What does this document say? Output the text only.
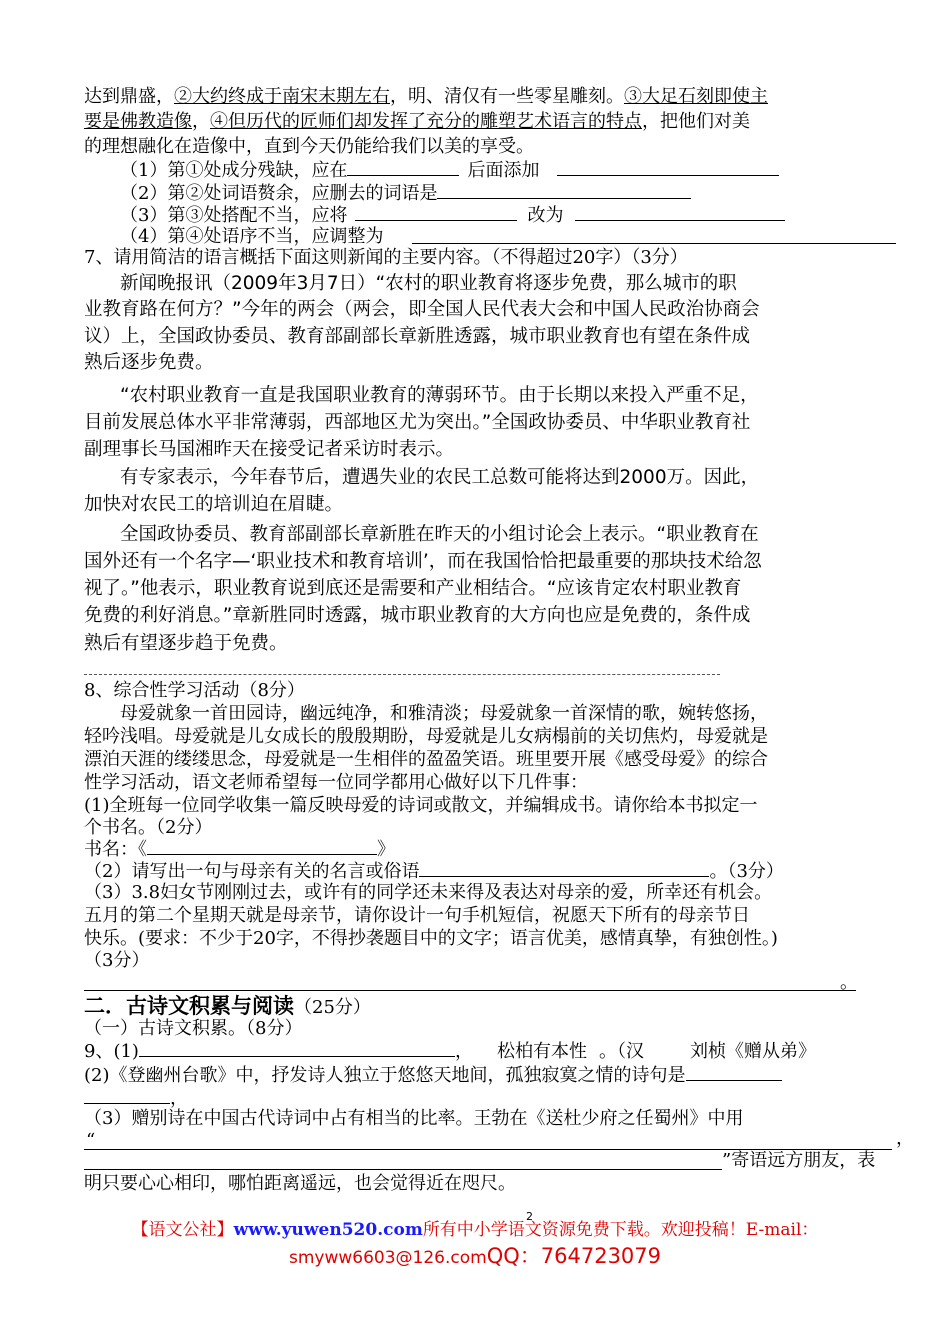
达到鼎盛，②大约终成于南宋末期左右，明、清仅有一些零星雕刻。③大足石刻即使主
要是佛教造像，④但历代的匠师们却发挥了充分的雕塑艺术语言的特点，把他们对美
的理想融化在造像中，直到今天仍能给我们以美的享受。
（1）第①处成分残缺，应在	后面添加
（2）第②处词语赘余，应删去的词语是
（3）第③处搭配不当，应将	改为
（4）第④处语序不当，应调整为
7、请用简洁的语言概括下面这则新闻的主要内容。（不得超过20字）（3分）
新闻晚报讯（2009年3月7日）“农村的职业教育将逐步免费，那么城市的职
业教育路在何方？”今年的两会（两会，即全国人民代表大会和中国人民政治协商会
议）上，全国政协委员、教育部副部长章新胜透露，城市职业教育也有望在条件成
熟后逐步免费。
“农村职业教育一直是我国职业教育的薄弱环节。由于长期以来投入严重不足，
目前发展总体水平非常薄弱，西部地区尤为突出。”全国政协委员、中华职业教育社
副理事长马国湘昨天在接受记者采访时表示。
有专家表示，今年春节后，遭遇失业的农民工总数可能将达到2000万。因此，
加快对农民工的培训迫在眉睫。
全国政协委员、教育部副部长章新胜在昨天的小组讨论会上表示。“职业教育在
国外还有一个名字—‘职业技术和教育培训’，而在我国恰恰把最重要的那块技术给忽
视了。”他表示，职业教育说到底还是需要和产业相结合。“应该肯定农村职业教育
免费的利好消息。”章新胜同时透露，城市职业教育的大方向也应是免费的，条件成
熟后有望逐步趋于免费。
8、综合性学习活动（8分）
母爱就象一首田园诗，幽远纯净，和雅清淡；母爱就象一首深情的歌，婉转悠扬，
轻吟浅唱。母爱就是儿女成长的殷殷期盼，母爱就是儿女病榻前的关切焦灼，母爱就是
漂泊天涯的缕缕思念，母爱就是一生相伴的盈盈笑语。班里要开展《感受母爱》的综合
性学习活动，语文老师希望每一位同学都用心做好以下几件事：
(1)全班每一位同学收集一篇反映母爱的诗词或散文，并编辑成书。请你给本书拟定一
个书名。（2分）
书名：《	》
（2）请写出一句与母亲有关的名言或俗语	。（3分）
（3）3.8妇女节刚刚过去，或许有的同学还未来得及表达对母亲的爱，所幸还有机会。
五月的第二个星期天就是母亲节，请你设计一句手机短信，祝愿天下所有的母亲节日
快乐。(要求：不少于20字，不得抄袭题目中的文字；语言优美，感情真挚，有独创性。)
（3分）
。
二．古诗文积累与阅读（25分）
（一）古诗文积累。（8分）
9、(1)	， 松柏有本性 。（汉	刘桢《赠从弟》
(2)《登幽州台歌》中，抒发诗人独立于悠悠天地间，孤独寂寞之情的诗句是
，
（3）赠别诗在中国古代诗词中占有相当的比率。王勃在《送杜少府之任蜀州》中用
“	，
”寄语远方朋友，表
明只要心心相印，哪怕距离遥远，也会觉得近在咫尺。
【语文公社】www.yuwen520.com所有中小学语文资源免费下载。欢迎投稿！E-mail：
2
smyww6603@126.comQQ：764723079
